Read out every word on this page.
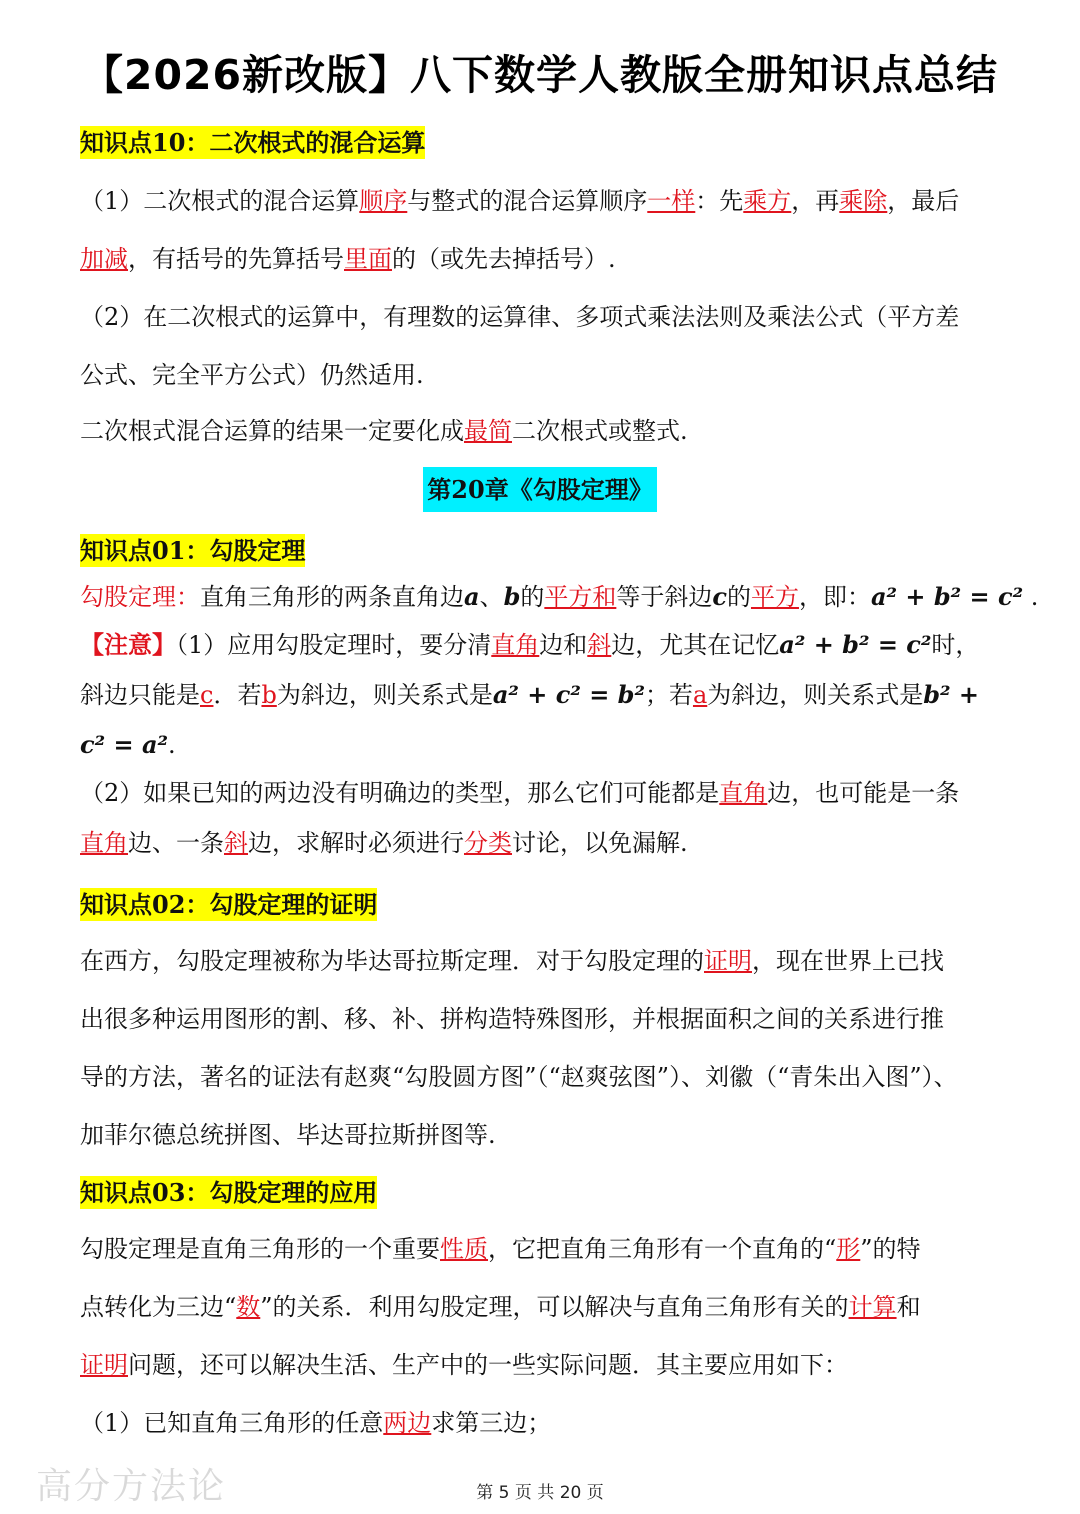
【2026新改版】八下数学人教版全册知识点总结
知识点10：二次根式的混合运算
（1）二次根式的混合运算顺序与整式的混合运算顺序一样：先乘方，再乘除，最后
加减，有括号的先算括号里面的（或先去掉括号）.
（2）在二次根式的运算中，有理数的运算律、多项式乘法法则及乘法公式（平方差
公式、完全平方公式）仍然适用.
二次根式混合运算的结果一定要化成最简二次根式或整式.
第20章《勾股定理》
知识点01：勾股定理
勾股定理：直角三角形的两条直角边a、b的平方和等于斜边c的平方，即：a² + b² = c² .
【注意】（1）应用勾股定理时，要分清直角边和斜边，尤其在记忆a² + b² = c²时，
斜边只能是c．若b为斜边，则关系式是a² + c² = b²；若a为斜边，则关系式是b² +
c² = a².
（2）如果已知的两边没有明确边的类型，那么它们可能都是直角边，也可能是一条
直角边、一条斜边，求解时必须进行分类讨论，以免漏解.
知识点02：勾股定理的证明
在西方，勾股定理被称为毕达哥拉斯定理．对于勾股定理的证明，现在世界上已找
出很多种运用图形的割、移、补、拼构造特殊图形，并根据面积之间的关系进行推
导的方法，著名的证法有赵爽“勾股圆方图”（“赵爽弦图”）、刘徽（“青朱出入图”）、
加菲尔德总统拼图、毕达哥拉斯拼图等.
知识点03：勾股定理的应用
勾股定理是直角三角形的一个重要性质，它把直角三角形有一个直角的“形”的特
点转化为三边“数”的关系．利用勾股定理，可以解决与直角三角形有关的计算和
证明问题，还可以解决生活、生产中的一些实际问题．其主要应用如下：
（1）已知直角三角形的任意两边求第三边；
高分方法论	第 5 页 共 20 页
